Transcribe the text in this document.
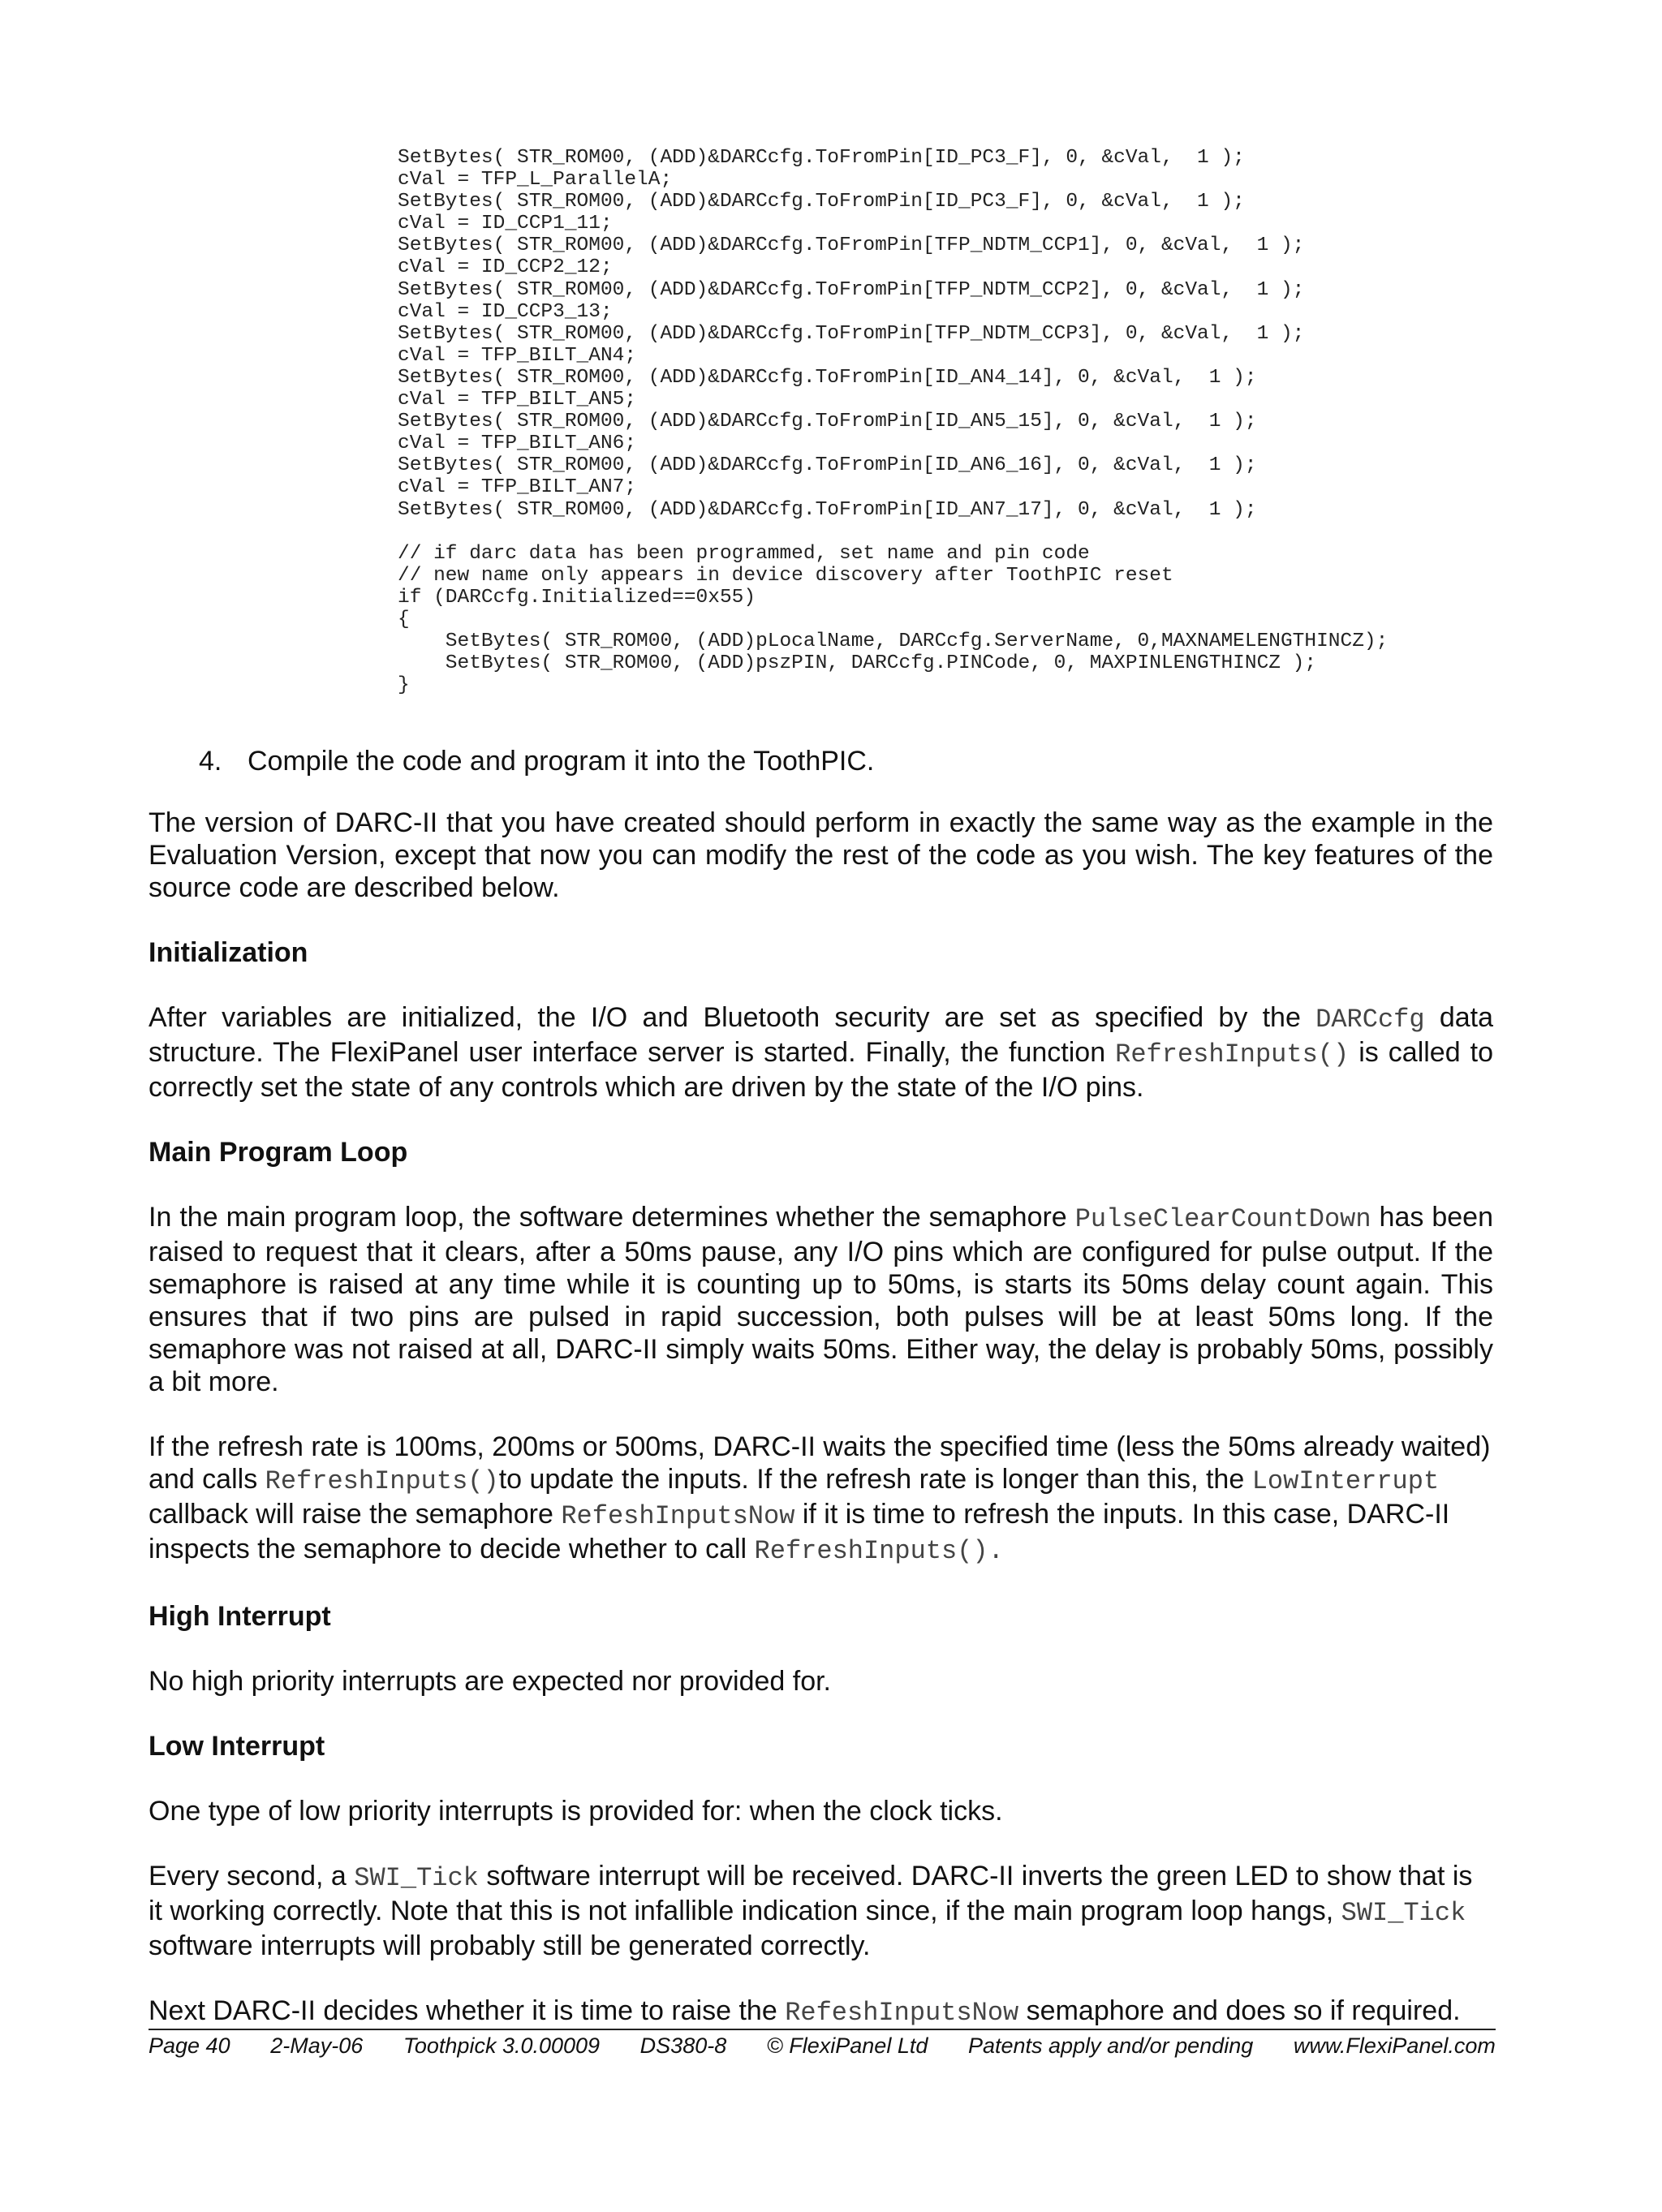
SetBytes( STR_ROM00, (ADD)&DARCcfg.ToFromPin[ID_PC3_F], 0, &cVal,  1 );
cVal = TFP_L_ParallelA;
SetBytes( STR_ROM00, (ADD)&DARCcfg.ToFromPin[ID_PC3_F], 0, &cVal,  1 );
cVal = ID_CCP1_11;
SetBytes( STR_ROM00, (ADD)&DARCcfg.ToFromPin[TFP_NDTM_CCP1], 0, &cVal,  1 );
cVal = ID_CCP2_12;
SetBytes( STR_ROM00, (ADD)&DARCcfg.ToFromPin[TFP_NDTM_CCP2], 0, &cVal,  1 );
cVal = ID_CCP3_13;
SetBytes( STR_ROM00, (ADD)&DARCcfg.ToFromPin[TFP_NDTM_CCP3], 0, &cVal,  1 );
cVal = TFP_BILT_AN4;
SetBytes( STR_ROM00, (ADD)&DARCcfg.ToFromPin[ID_AN4_14], 0, &cVal,  1 );
cVal = TFP_BILT_AN5;
SetBytes( STR_ROM00, (ADD)&DARCcfg.ToFromPin[ID_AN5_15], 0, &cVal,  1 );
cVal = TFP_BILT_AN6;
SetBytes( STR_ROM00, (ADD)&DARCcfg.ToFromPin[ID_AN6_16], 0, &cVal,  1 );
cVal = TFP_BILT_AN7;
SetBytes( STR_ROM00, (ADD)&DARCcfg.ToFromPin[ID_AN7_17], 0, &cVal,  1 );

// if darc data has been programmed, set name and pin code
// new name only appears in device discovery after ToothPIC reset
if (DARCcfg.Initialized==0x55)
{
SetBytes( STR_ROM00, (ADD)pLocalName, DARCcfg.ServerName, 0,MAXNAMELENGTHINCZ);
SetBytes( STR_ROM00, (ADD)pszPIN, DARCcfg.PINCode, 0, MAXPINLENGTHINCZ );
}
4. Compile the code and program it into the ToothPIC.

The version of DARC-II that you have created should perform in exactly the same way as the example in the Evaluation Version, except that now you can modify the rest of the code as you wish. The key features of the source code are described below.

Initialization

After variables are initialized, the I/O and Bluetooth security are set as specified by the DARCcfg data structure. The FlexiPanel user interface server is started. Finally, the function RefreshInputs() is called to correctly set the state of any controls which are driven by the state of the I/O pins.

Main Program Loop

In the main program loop, the software determines whether the semaphore PulseClearCountDown has been raised to request that it clears, after a 50ms pause, any I/O pins which are configured for pulse output. If the semaphore is raised at any time while it is counting up to 50ms, is starts its 50ms delay count again. This ensures that if two pins are pulsed in rapid succession, both pulses will be at least 50ms long. If the semaphore was not raised at all, DARC-II simply waits 50ms. Either way, the delay is probably 50ms, possibly a bit more.

If the refresh rate is 100ms, 200ms or 500ms, DARC-II waits the specified time (less the 50ms already waited) and calls RefreshInputs()to update the inputs. If the refresh rate is longer than this, the LowInterrupt callback will raise the semaphore RefeshInputsNow if it is time to refresh the inputs. In this case, DARC-II inspects the semaphore to decide whether to call RefreshInputs().

High Interrupt

No high priority interrupts are expected nor provided for.

Low Interrupt

One type of low priority interrupts is provided for: when the clock ticks.

Every second, a SWI_Tick software interrupt will be received. DARC-II inverts the green LED to show that is it working correctly. Note that this is not infallible indication since, if the main program loop hangs, SWI_Tick software interrupts will probably still be generated correctly.

Next DARC-II decides whether it is time to raise the RefeshInputsNow semaphore and does so if required.

Page 40 2-May-06 Toothpick 3.0.00009 DS380-8 © FlexiPanel Ltd Patents apply and/or pending www.FlexiPanel.com
